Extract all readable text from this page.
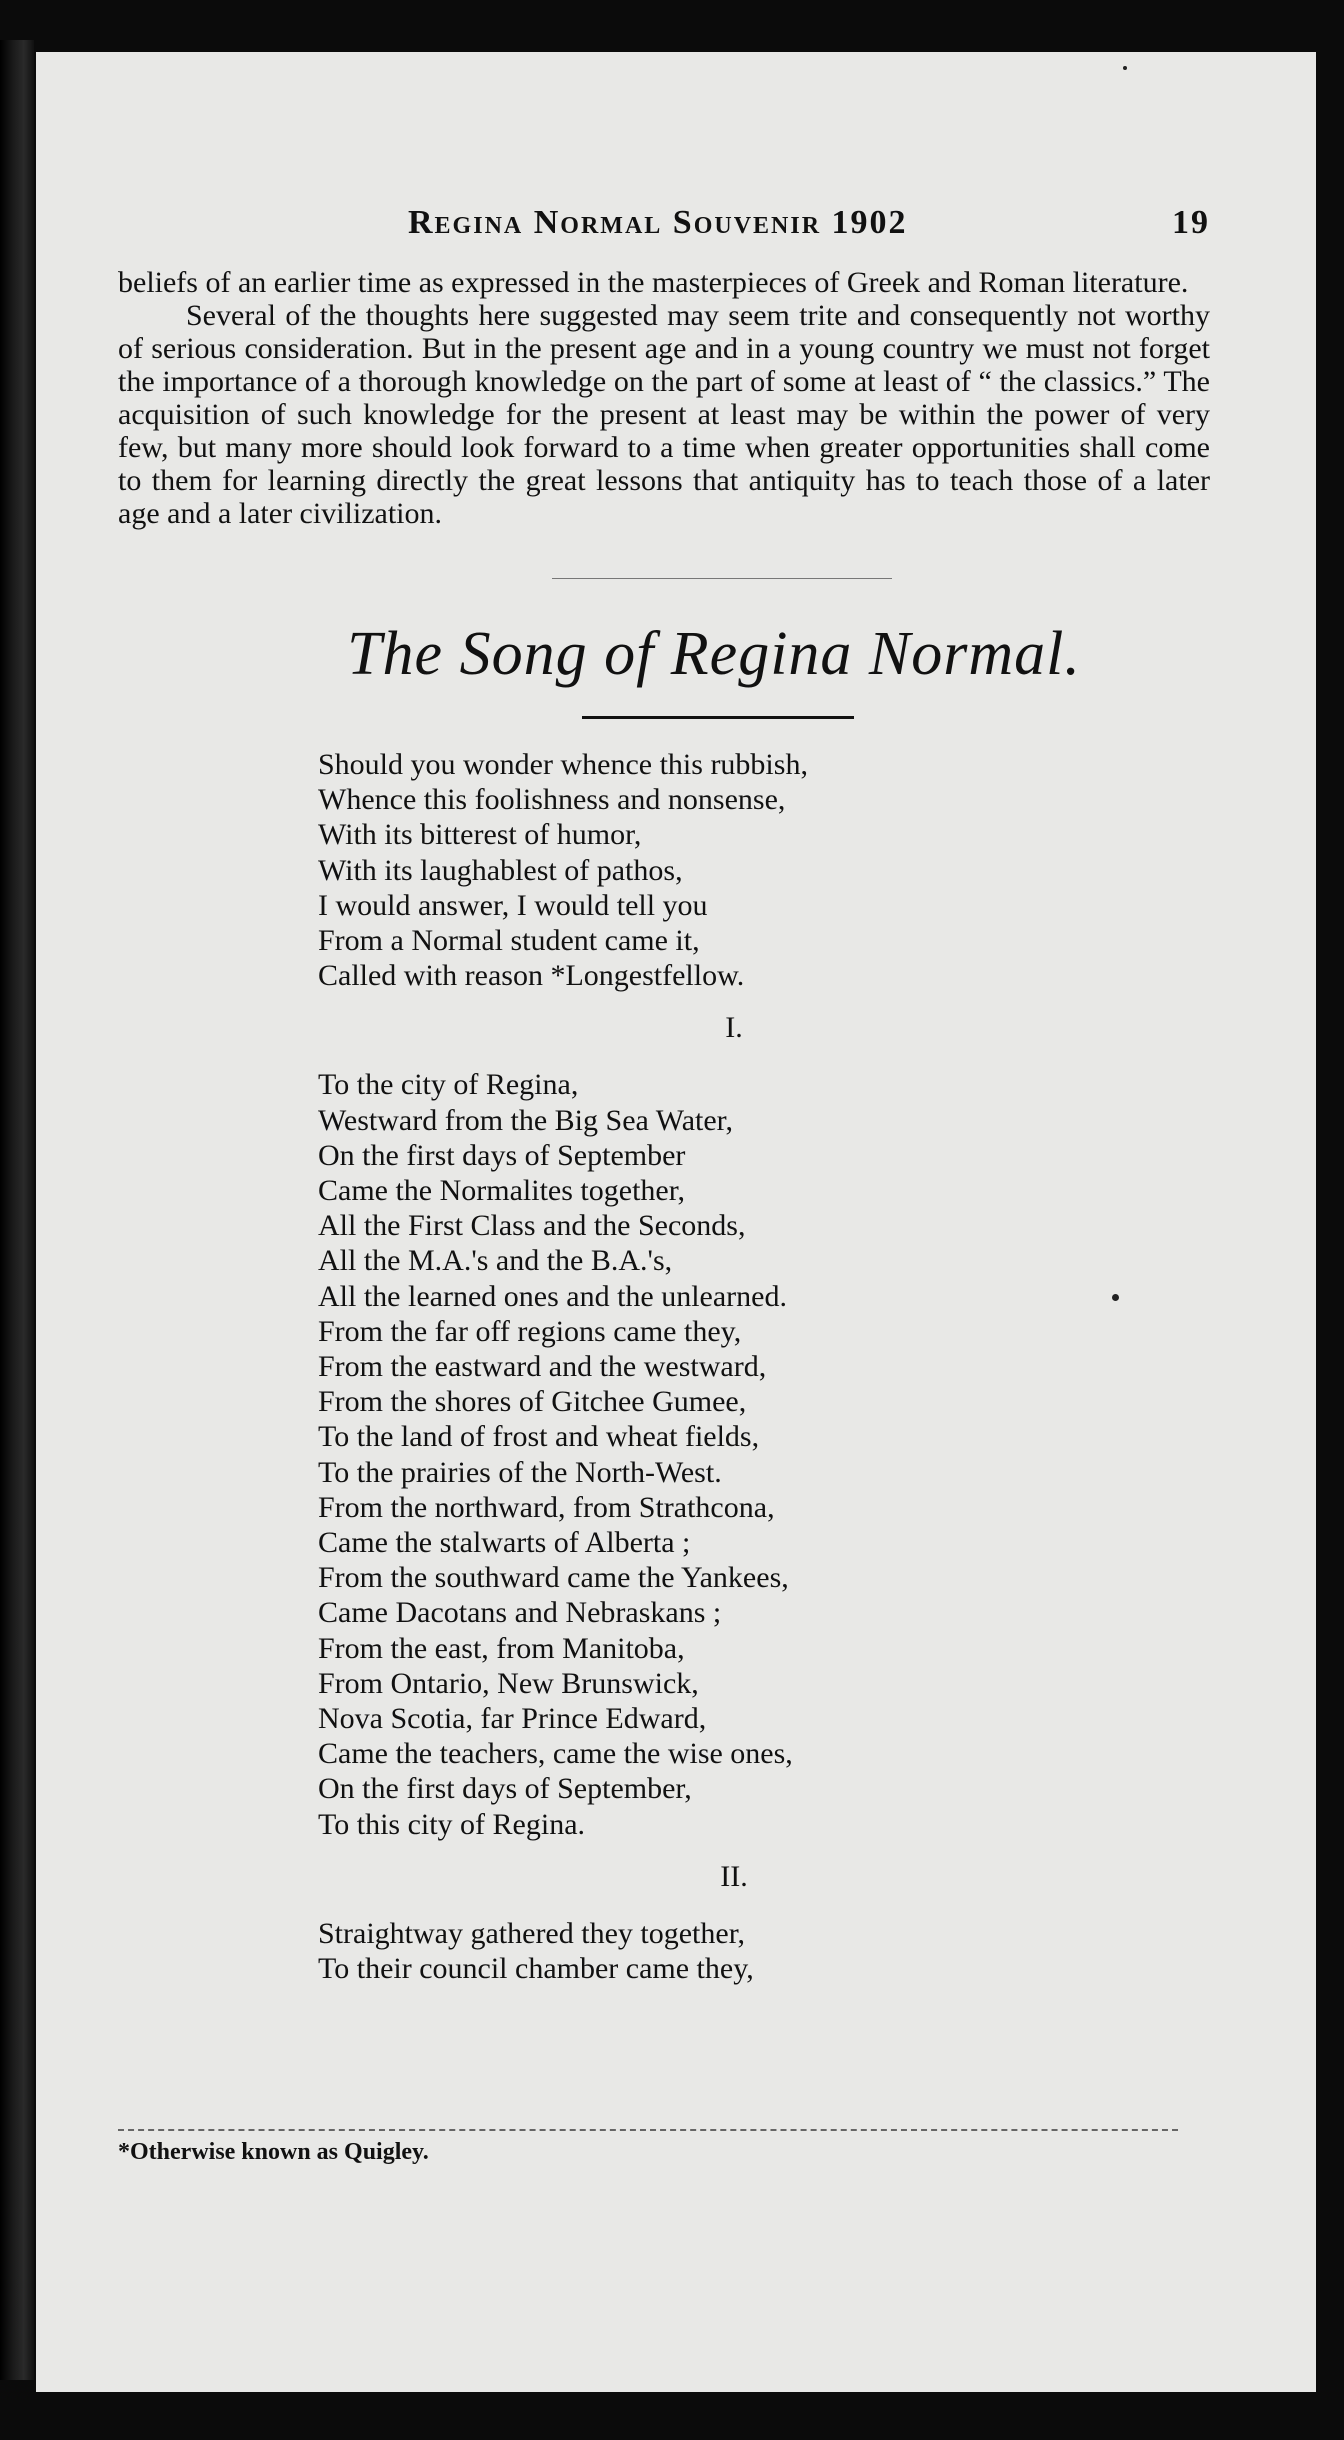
Regina Normal Souvenir 1902	19

beliefs of an earlier time as expressed in the masterpieces of Greek and Roman literature.

Several of the thoughts here suggested may seem trite and consequently not worthy of serious consideration. But in the present age and in a young country we must not forget the importance of a thorough knowledge on the part of some at least of “ the classics.” The acquisition of such knowledge for the present at least may be within the power of very few, but many more should look forward to a time when greater opportunities shall come to them for learning directly the great lessons that antiquity has to teach those of a later age and a later civilization.

The Song of Regina Normal.
Should you wonder whence this rubbish,
Whence this foolishness and nonsense,
With its bitterest of humor,
With its laughablest of pathos,
I would answer, I would tell you
From a Normal student came it,
Called with reason *Longestfellow.
I.
To the city of Regina,
Westward from the Big Sea Water,
On the first days of September
Came the Normalites together,
All the First Class and the Seconds,
All the M.A.'s and the B.A.'s,
All the learned ones and the unlearned.
From the far off regions came they,
From the eastward and the westward,
From the shores of Gitchee Gumee,
To the land of frost and wheat fields,
To the prairies of the North-West.
From the northward, from Strathcona,
Came the stalwarts of Alberta ;
From the southward came the Yankees,
Came Dacotans and Nebraskans ;
From the east, from Manitoba,
From Ontario, New Brunswick,
Nova Scotia, far Prince Edward,
Came the teachers, came the wise ones,
On the first days of September,
To this city of Regina.
II.
Straightway gathered they together,
To their council chamber came they,
*Otherwise known as Quigley.
